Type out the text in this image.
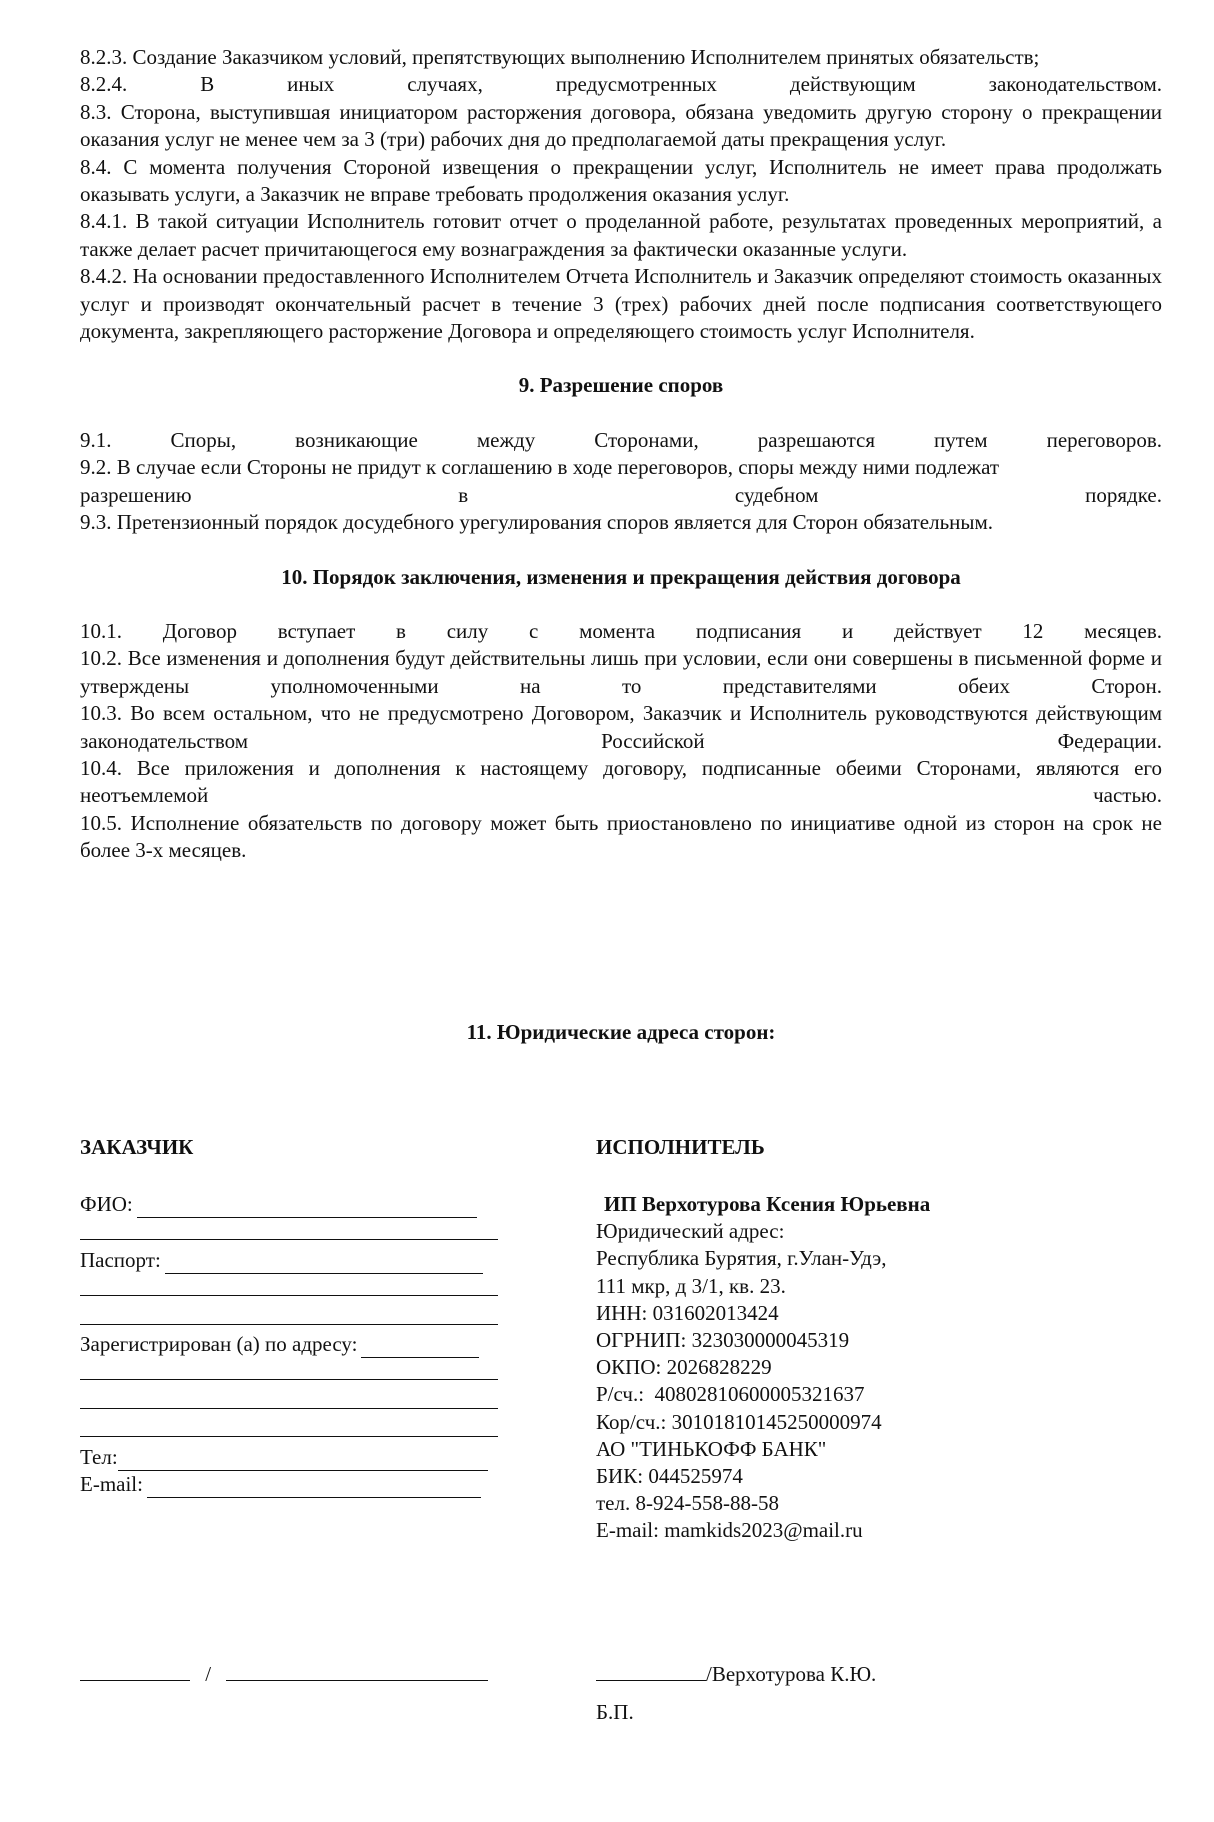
8.2.3. Создание Заказчиком условий, препятствующих выполнению Исполнителем принятых обязательств;

8.2.4. В иных случаях, предусмотренных действующим законодательством.

8.3. Сторона, выступившая инициатором расторжения договора, обязана уведомить другую сторону о прекращении оказания услуг не менее чем за 3 (три) рабочих дня до предполагаемой даты прекращения услуг.

8.4. С момента получения Стороной извещения о прекращении услуг, Исполнитель не имеет права продолжать оказывать услуги, а Заказчик не вправе требовать продолжения оказания услуг.

8.4.1. В такой ситуации Исполнитель готовит отчет о проделанной работе, результатах проведенных мероприятий, а также делает расчет причитающегося ему вознаграждения за фактически оказанные услуги.

8.4.2. На основании предоставленного Исполнителем Отчета Исполнитель и Заказчик определяют стоимость оказанных услуг и производят окончательный расчет в течение 3 (трех) рабочих дней после подписания соответствующего документа, закрепляющего расторжение Договора и определяющего стоимость услуг Исполнителя.

9. Разрешение споров

9.1. Споры, возникающие между Сторонами, разрешаются путем переговоров.

9.2. В случае если Стороны не придут к соглашению в ходе переговоров, споры между ними подлежат

разрешению в судебном порядке.

9.3. Претензионный порядок досудебного урегулирования споров является для Сторон обязательным.

10. Порядок заключения, изменения и прекращения действия договора

10.1. Договор вступает в силу с момента подписания и действует 12 месяцев.

10.2. Все изменения и дополнения будут действительны лишь при условии, если они совершены в письменной форме и утверждены уполномоченными на то представителями обеих Сторон.

10.3. Во всем остальном, что не предусмотрено Договором, Заказчик и Исполнитель руководствуются действующим законодательством Российской Федерации.

10.4. Все приложения и дополнения к настоящему договору, подписанные обеими Сторонами, являются его неотъемлемой частью.

10.5. Исполнение обязательств по договору может быть приостановлено по инициативе одной из сторон на срок не более 3-х месяцев.

11. Юридические адреса сторон:
ЗАКАЗЧИК
ФИО:
Паспорт:
Зарегистрирован (а) по адресу:
Тел:
E-mail:
ИСПОЛНИТЕЛЬ
ИП Верхотурова Ксения Юрьевна
Юридический адрес:
Республика Бурятия, г.Улан-Удэ,
111 мкр, д 3/1, кв. 23.
ИНН: 031602013424
ОГРНИП: 323030000045319
ОКПО: 2026828229
Р/сч.:  40802810600005321637
Кор/сч.: 30101810145250000974
АО "ТИНЬКОФФ БАНК"
БИК: 044525974
тел. 8-924-558-88-58
E-mail: mamkids2023@mail.ru
/	/Верхотурова К.Ю.
Б.П.
